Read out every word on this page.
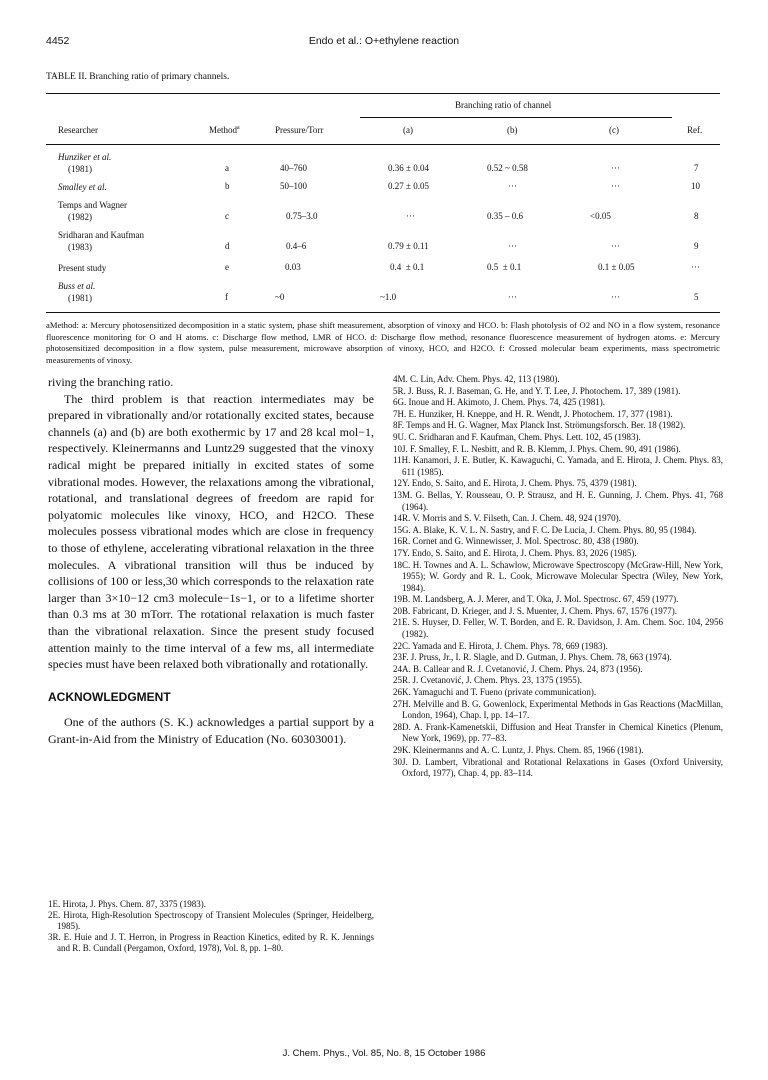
4452	Endo et al.: O+ethylene reaction
TABLE II. Branching ratio of primary channels.
Branching ratio of channel
Researcher	Method$^a$	Pressure/Torr	(a)	(b)	(c)	Ref.
Hunziker et al.
(1981)	a	40–760	0.36 ± 0.04	0.52 ~ 0.58	···	7
Smalley et al.	b	50–100	0.27 ± 0.05	···	···	10
Temps and Wagner
(1982)	c	0.75–3.0	···	0.35 – 0.6	<0.05	8
Sridharan and Kaufman
(1983)	d	0.4–6	0.79 ± 0.11	···	···	9
Present study	e	0.03	0.4  ± 0.1	0.5  ± 0.1	0.1 ± 0.05	···
Buss et al.
(1981)	f	~0	~1.0	···	···	5
aMethod: a: Mercury photosensitized decomposition in a static system, phase shift measurement, absorption of vinoxy and HCO. b: Flash photolysis of O2 and NO in a flow system, resonance fluorescence monitoring for O and H atoms. c: Discharge flow method, LMR of HCO. d: Discharge flow method, resonance fluorescence measurement of hydrogen atoms. e: Mercury photosensitized decomposition in a flow system, pulse measurement, microwave absorption of vinoxy, HCO, and H2CO. f: Crossed molecular beam experiments, mass spectrometric measurements of vinoxy.

riving the branching ratio.

The third problem is that reaction intermediates may be prepared in vibrationally and/or rotationally excited states, because channels (a) and (b) are both exothermic by 17 and 28 kcal mol−1, respectively. Kleinermanns and Luntz29 suggested that the vinoxy radical might be prepared initially in excited states of some vibrational modes. However, the relaxations among the vibrational, rotational, and translational degrees of freedom are rapid for polyatomic molecules like vinoxy, HCO, and H2CO. These molecules possess vibrational modes which are close in frequency to those of ethylene, accelerating vibrational relaxation in the three molecules. A vibrational transition will thus be induced by collisions of 100 or less,30 which corresponds to the relaxation rate larger than 3×10−12 cm3 molecule−1s−1, or to a lifetime shorter than 0.3 ms at 30 mTorr. The rotational relaxation is much faster than the vibrational relaxation. Since the present study focused attention mainly to the time interval of a few ms, all intermediate species must have been relaxed both vibrationally and rotationally.

ACKNOWLEDGMENT

One of the authors (S. K.) acknowledges a partial support by a Grant-in-Aid from the Ministry of Education (No. 60303001).

1E. Hirota, J. Phys. Chem. 87, 3375 (1983).

2E. Hirota, High-Resolution Spectroscopy of Transient Molecules (Springer, Heidelberg, 1985).

3R. E. Huie and J. T. Herron, in Progress in Reaction Kinetics, edited by R. K. Jennings and R. B. Cundall (Pergamon, Oxford, 1978), Vol. 8, pp. 1–80.

4M. C. Lin, Adv. Chem. Phys. 42, 113 (1980).

5R. J. Buss, R. J. Baseman, G. He, and Y. T. Lee, J. Photochem. 17, 389 (1981).

6G. Inoue and H. Akimoto, J. Chem. Phys. 74, 425 (1981).

7H. E. Hunziker, H. Kneppe, and H. R. Wendt, J. Photochem. 17, 377 (1981).

8F. Temps and H. G. Wagner, Max Planck Inst. Strömungsforsch. Ber. 18 (1982).

9U. C. Sridharan and F. Kaufman, Chem. Phys. Lett. 102, 45 (1983).

10J. F. Smalley, F. L. Nesbitt, and R. B. Klemm, J. Phys. Chem. 90, 491 (1986).

11H. Kanamori, J. E. Butler, K. Kawaguchi, C. Yamada, and E. Hirota, J. Chem. Phys. 83, 611 (1985).

12Y. Endo, S. Saito, and E. Hirota, J. Chem. Phys. 75, 4379 (1981).

13M. G. Bellas, Y. Rousseau, O. P. Strausz, and H. E. Gunning, J. Chem. Phys. 41, 768 (1964).

14R. V. Morris and S. V. Filseth, Can. J. Chem. 48, 924 (1970).

15G. A. Blake, K. V. L. N. Sastry, and F. C. De Lucia, J. Chem. Phys. 80, 95 (1984).

16R. Cornet and G. Winnewisser, J. Mol. Spectrosc. 80, 438 (1980).

17Y. Endo, S. Saito, and E. Hirota, J. Chem. Phys. 83, 2026 (1985).

18C. H. Townes and A. L. Schawlow, Microwave Spectroscopy (McGraw-Hill, New York, 1955); W. Gordy and R. L. Cook, Microwave Molecular Spectra (Wiley, New York, 1984).

19B. M. Landsberg, A. J. Merer, and T. Oka, J. Mol. Spectrosc. 67, 459 (1977).

20B. Fabricant, D. Krieger, and J. S. Muenter, J. Chem. Phys. 67, 1576 (1977).

21E. S. Huyser, D. Feller, W. T. Borden, and E. R. Davidson, J. Am. Chem. Soc. 104, 2956 (1982).

22C. Yamada and E. Hirota, J. Chem. Phys. 78, 669 (1983).

23F. J. Pruss, Jr., I. R. Slagle, and D. Gutman, J. Phys. Chem. 78, 663 (1974).

24A. B. Callear and R. J. Cvetanović, J. Chem. Phys. 24, 873 (1956).

25R. J. Cvetanović, J. Chem. Phys. 23, 1375 (1955).

26K. Yamaguchi and T. Fueno (private communication).

27H. Melville and B. G. Gowenlock, Experimental Methods in Gas Reactions (MacMillan, London, 1964), Chap. I, pp. 14–17.

28D. A. Frank-Kamenetskii, Diffusion and Heat Transfer in Chemical Kinetics (Plenum, New York, 1969), pp. 77–83.

29K. Kleinermanns and A. C. Luntz, J. Phys. Chem. 85, 1966 (1981).

30J. D. Lambert, Vibrational and Rotational Relaxations in Gases (Oxford University, Oxford, 1977), Chap. 4, pp. 83–114.

J. Chem. Phys., Vol. 85, No. 8, 15 October 1986
